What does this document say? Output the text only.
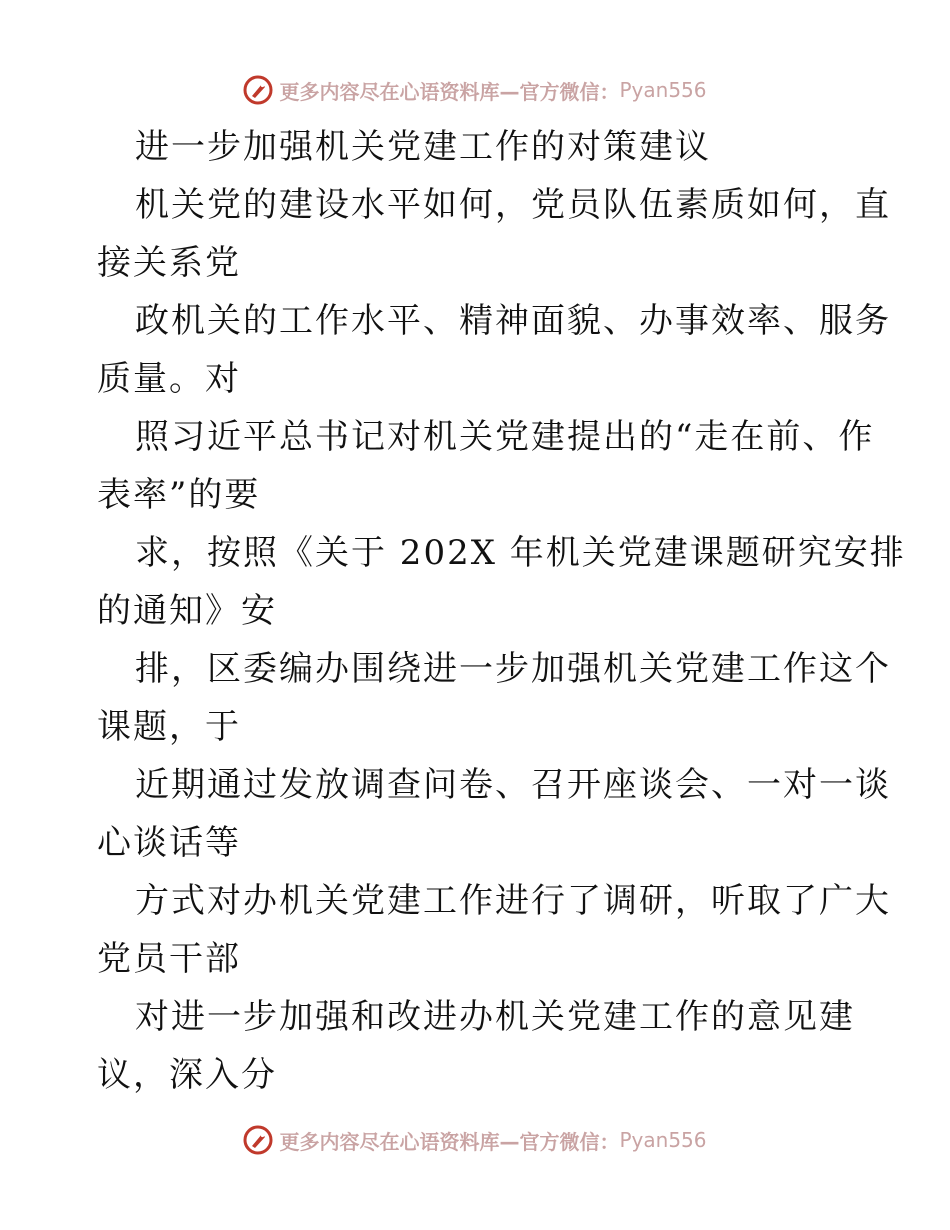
更多内容尽在心语资料库—官方微信： Pyan556
进一步加强机关党建工作的对策建议
机关党的建设水平如何，党员队伍素质如何，直
接关系党
政机关的工作水平、精神面貌、办事效率、服务
质量。对
照习近平总书记对机关党建提出的“走在前、作
表率”的要
求，按照《关于 202X 年机关党建课题研究安排
的通知》安
排，区委编办围绕进一步加强机关党建工作这个
课题，于
近期通过发放调查问卷、召开座谈会、一对一谈
心谈话等
方式对办机关党建工作进行了调研，听取了广大
党员干部
对进一步加强和改进办机关党建工作的意见建
议，深入分
更多内容尽在心语资料库—官方微信： Pyan556
